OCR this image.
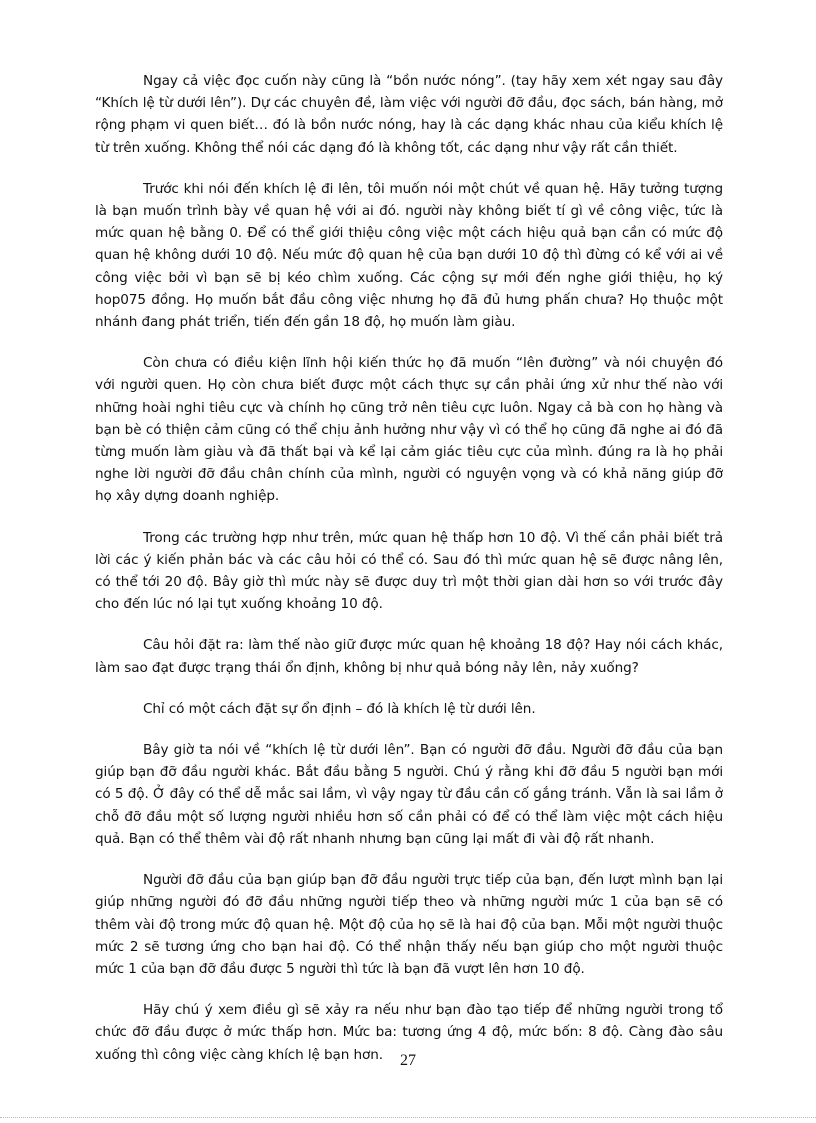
Ngay cả việc đọc cuốn này cũng là “bồn nước nóng”. (tay hãy xem xét ngay sau đây “Khích lệ từ dưới lên”). Dự các chuyên đề, làm việc với người đỡ đầu, đọc sách, bán hàng, mở rộng phạm vi quen biết… đó là bồn nước nóng, hay là các dạng khác nhau của kiểu khích lệ từ trên xuống. Không thể nói các dạng đó là không tốt, các dạng như vậy rất cần thiết.

Trước khi nói đến khích lệ đi lên, tôi muốn nói một chút về quan hệ. Hãy tưởng tượng là bạn muốn trình bày về quan hệ với ai đó. người này không biết tí gì về công việc, tức là mức quan hệ bằng 0. Để có thể giới thiệu công việc một cách hiệu quả bạn cần có mức độ quan hệ không dưới 10 độ. Nếu mức độ quan hệ của bạn dưới 10 độ thì đừng có kể với ai về công việc bởi vì bạn sẽ bị kéo chìm xuống. Các cộng sự mới đến nghe giới thiệu, họ ký hop075 đồng. Họ muốn bắt đầu công việc nhưng họ đã đủ hưng phấn chưa? Họ thuộc một nhánh đang phát triển, tiến đến gần 18 độ, họ muốn làm giàu.

Còn chưa có điều kiện lĩnh hội kiến thức họ đã muốn “lên đường” và nói chuyện đó với người quen. Họ còn chưa biết được một cách thực sự cần phải ứng xử như thế nào với những hoài nghi tiêu cực và chính họ cũng trở nên tiêu cực luôn. Ngay cả bà con họ hàng và bạn bè có thiện cảm cũng có thể chịu ảnh hưởng như vậy vì có thể họ cũng đã nghe ai đó đã từng muốn làm giàu và đã thất bại và kể lại cảm giác tiêu cực của mình. đúng ra là họ phải nghe lời người đỡ đầu chân chính của mình, người có nguyện vọng và có khả năng giúp đỡ họ xây dựng doanh nghiệp.

Trong các trường hợp như trên, mức quan hệ thấp hơn 10 độ. Vì thế cần phải biết trả lời các ý kiến phản bác và các câu hỏi có thể có. Sau đó thì mức quan hệ sẽ được nâng lên, có thể tới 20 độ. Bây giờ thì mức này sẽ được duy trì một thời gian dài hơn so với trước đây cho đến lúc nó lại tụt xuống khoảng 10 độ.

Câu hỏi đặt ra: làm thế nào giữ được mức quan hệ khoảng 18 độ? Hay nói cách khác, làm sao đạt được trạng thái ổn định, không bị như quả bóng nảy lên, nảy xuống?

Chỉ có một cách đặt sự ổn định – đó là khích lệ từ dưới lên.

Bây giờ ta nói về “khích lệ từ dưới lên”. Bạn có người đỡ đầu. Người đỡ đầu của bạn giúp bạn đỡ đầu người khác. Bắt đầu bằng 5 người. Chú ý rằng khi đỡ đầu 5 người bạn mới có 5 độ. Ở đây có thể dễ mắc sai lầm, vì vậy ngay từ đầu cần cố gắng tránh. Vẫn là sai lầm ở chỗ đỡ đầu một số lượng người nhiều hơn số cần phải có để có thể làm việc một cách hiệu quả. Bạn có thể thêm vài độ rất nhanh nhưng bạn cũng lại mất đi vài độ rất nhanh.

Người đỡ đầu của bạn giúp bạn đỡ đầu người trực tiếp của bạn, đến lượt mình bạn lại giúp những người đó đỡ đầu những người tiếp theo và những người mức 1 của bạn sẽ có thêm vài độ trong mức độ quan hệ. Một độ của họ sẽ là hai độ của bạn. Mỗi một người thuộc mức 2 sẽ tương ứng cho bạn hai độ. Có thể nhận thấy nếu bạn giúp cho một người thuộc mức 1 của bạn đỡ đầu được 5 người thì tức là bạn đã vượt lên hơn 10 độ.

Hãy chú ý xem điều gì sẽ xảy ra nếu như bạn đào tạo tiếp để những người trong tổ chức đỡ đầu được ở mức thấp hơn. Mức ba: tương ứng 4 độ, mức bốn: 8 độ. Càng đào sâu xuống thì công việc càng khích lệ bạn hơn.	27
